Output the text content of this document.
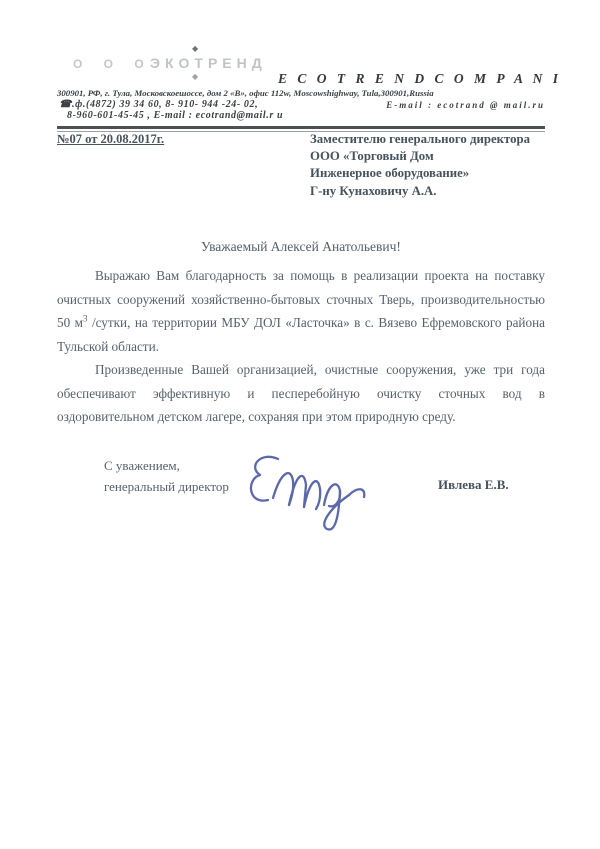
О О О
ЭКОТРЕНД
◆
◆	E C O T R E N D C O M P A N I
300901, РФ, г. Тула, Московскоешоссе, дом 2 «В», офис 112w, Moscowshighway, Tula,300901,Russia
☎.ф.(4872) 39 34 60, 8- 910- 944 -24- 02,	E-mail : ecotrand @ mail.ru
8-960-601-45-45 , E-mail : ecotrand@mail.r u
№07 от 20.08.2017г.	Заместителю генерального директора
ООО «Торговый Дом
Инженерное оборудование»
Г-ну Кунаховичу А.А.
Уважаемый Алексей Анатольевич!

Выражаю Вам благодарность за помощь в реализации проекта на поставку очистных сооружений хозяйственно-бытовых сточных Тверь, производительностью 50 $м^3$ /сутки, на территории МБУ ДОЛ «Ласточка» в с. Вязево Ефремовского района Тульской области.

Произведенные Вашей организацией, очистные сооружения, уже три года обеспечивают эффективную и песперебойную очистку сточных вод в оздоровительном детском лагере, сохраняя при этом природную среду.

С уважением,
генеральный директор	Ивлева Е.В.
